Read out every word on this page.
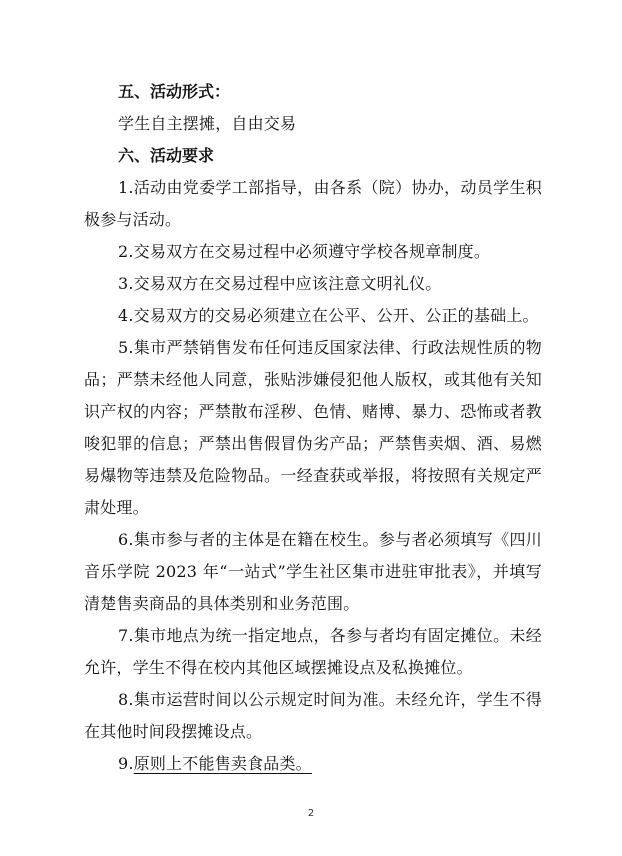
五、活动形式：

学生自主摆摊，自由交易

六、活动要求

1.活动由党委学工部指导，由各系（院）协办，动员学生积极参与活动。

2.交易双方在交易过程中必须遵守学校各规章制度。

3.交易双方在交易过程中应该注意文明礼仪。

4.交易双方的交易必须建立在公平、公开、公正的基础上。

5.集市严禁销售发布任何违反国家法律、行政法规性质的物品；严禁未经他人同意，张贴涉嫌侵犯他人版权，或其他有关知识产权的内容；严禁散布淫秽、色情、赌博、暴力、恐怖或者教唆犯罪的信息；严禁出售假冒伪劣产品；严禁售卖烟、酒、易燃易爆物等违禁及危险物品。一经查获或举报，将按照有关规定严肃处理。

6.集市参与者的主体是在籍在校生。参与者必须填写《四川音乐学院 2023 年“一站式”学生社区集市进驻审批表》，并填写清楚售卖商品的具体类别和业务范围。

7.集市地点为统一指定地点，各参与者均有固定摊位。未经允许，学生不得在校内其他区域摆摊设点及私换摊位。

8.集市运营时间以公示规定时间为准。未经允许，学生不得在其他时间段摆摊设点。

9.原则上不能售卖食品类。

2
